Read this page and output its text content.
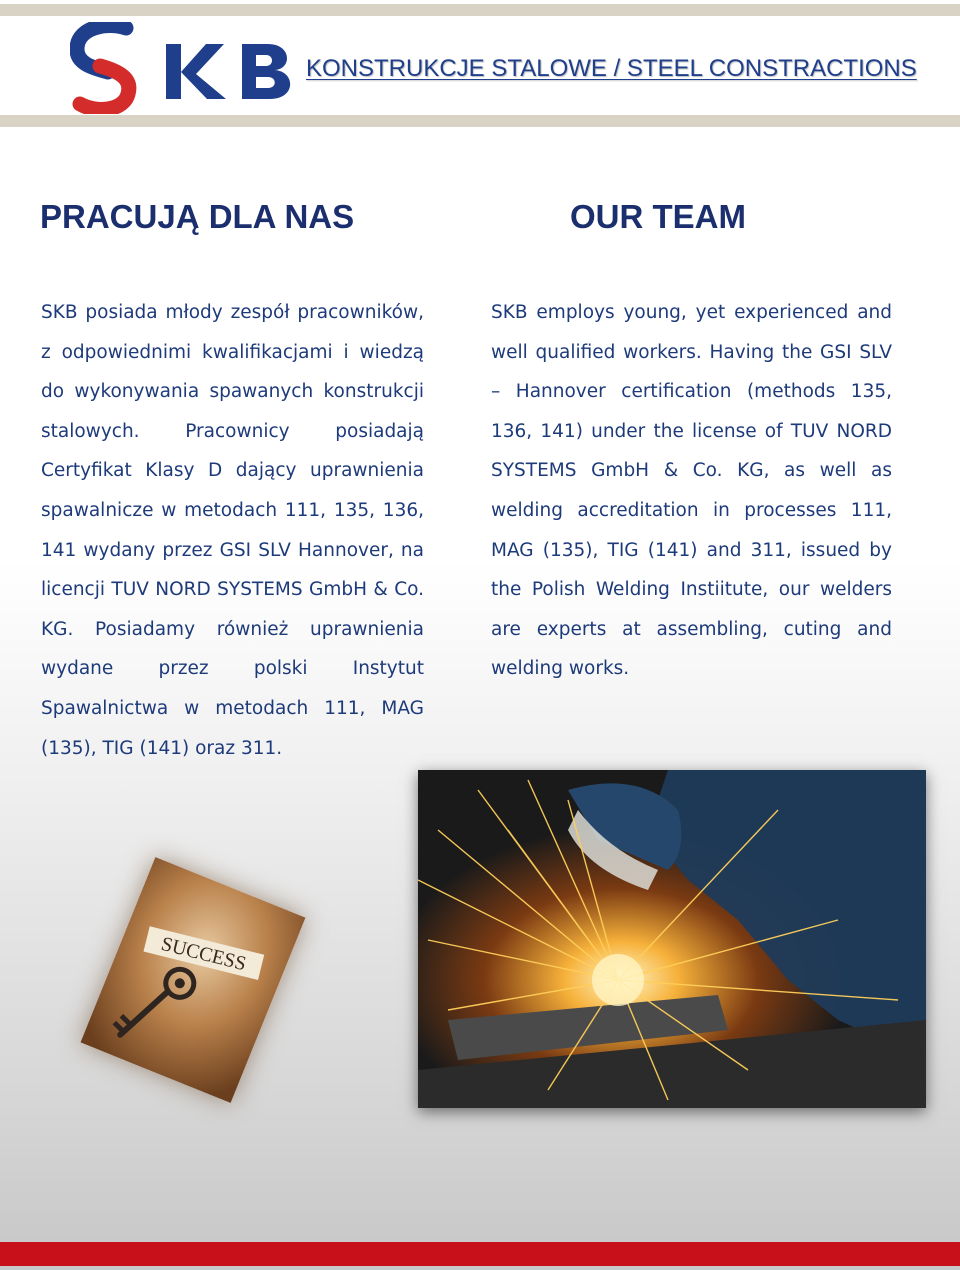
KONSTRUKCJE STALOWE / STEEL CONSTRACTIONS
PRACUJĄ DLA NAS	OUR TEAM
SKB posiada młody zespół pracowników, z odpowiednimi kwalifikacjami i wiedzą do wykonywania spawanych konstrukcji stalowych. Pracownicy posiadają Certyfikat Klasy D dający uprawnienia spawalnicze w metodach 111, 135, 136, 141 wydany przez GSI SLV Hannover, na licencji TUV NORD SYSTEMS GmbH & Co. KG. Posiadamy również uprawnienia wydane przez polski Instytut Spawalnictwa w metodach 111, MAG (135), TIG (141) oraz 311.
SKB employs young, yet experienced and well qualified workers. Having the GSI SLV – Hannover certification (methods 135, 136, 141) under the license of TUV NORD SYSTEMS GmbH & Co. KG, as well as welding accreditation in processes 111, MAG (135), TIG (141) and 311, issued by the Polish Welding Instiitute, our welders are experts at assembling, cuting and welding works.
SUCCESS
